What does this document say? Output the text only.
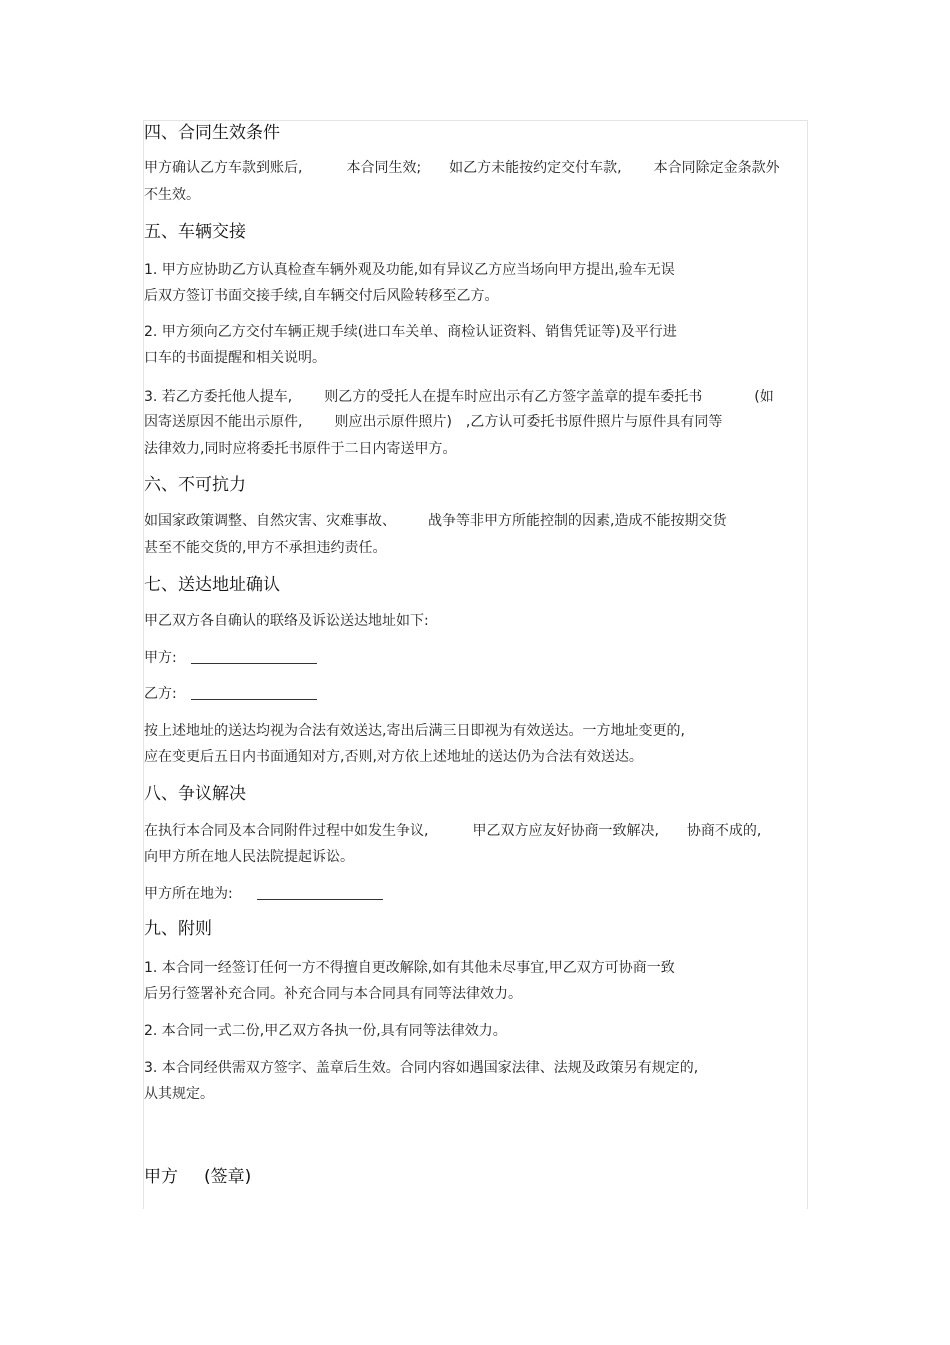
四、合同生效条件
甲方确认乙方车款到账后,	本合同生效; 如乙方未能按约定交付车款, 本合同除定金条款外
不生效。
五、车辆交接
1. 甲方应协助乙方认真检查车辆外观及功能,如有异议乙方应当场向甲方提出,验车无误
后双方签订书面交接手续,自车辆交付后风险转移至乙方。
2. 甲方须向乙方交付车辆正规手续(进口车关单、商检认证资料、销售凭证等)及平行进
口车的书面提醒和相关说明。
3. 若乙方委托他人提车, 则乙方的受托人在提车时应出示有乙方签字盖章的提车委托书	(如
因寄送原因不能出示原件, 则应出示原件照片) ,乙方认可委托书原件照片与原件具有同等
法律效力,同时应将委托书原件于二日内寄送甲方。
六、不可抗力
如国家政策调整、自然灾害、灾难事故、 战争等非甲方所能控制的因素,造成不能按期交货
甚至不能交货的,甲方不承担违约责任。
七、送达地址确认
甲乙双方各自确认的联络及诉讼送达地址如下:
甲方:
乙方:
按上述地址的送达均视为合法有效送达,寄出后满三日即视为有效送达。一方地址变更的,
应在变更后五日内书面通知对方,否则,对方依上述地址的送达仍为合法有效送达。
八、争议解决
在执行本合同及本合同附件过程中如发生争议,	甲乙双方应友好协商一致解决, 协商不成的,
向甲方所在地人民法院提起诉讼。
甲方所在地为:
九、附则
1. 本合同一经签订任何一方不得擅自更改解除,如有其他未尽事宜,甲乙双方可协商一致
后另行签署补充合同。补充合同与本合同具有同等法律效力。
2. 本合同一式二份,甲乙双方各执一份,具有同等法律效力。
3. 本合同经供需双方签字、盖章后生效。合同内容如遇国家法律、法规及政策另有规定的,
从其规定。
甲方 (签章)
